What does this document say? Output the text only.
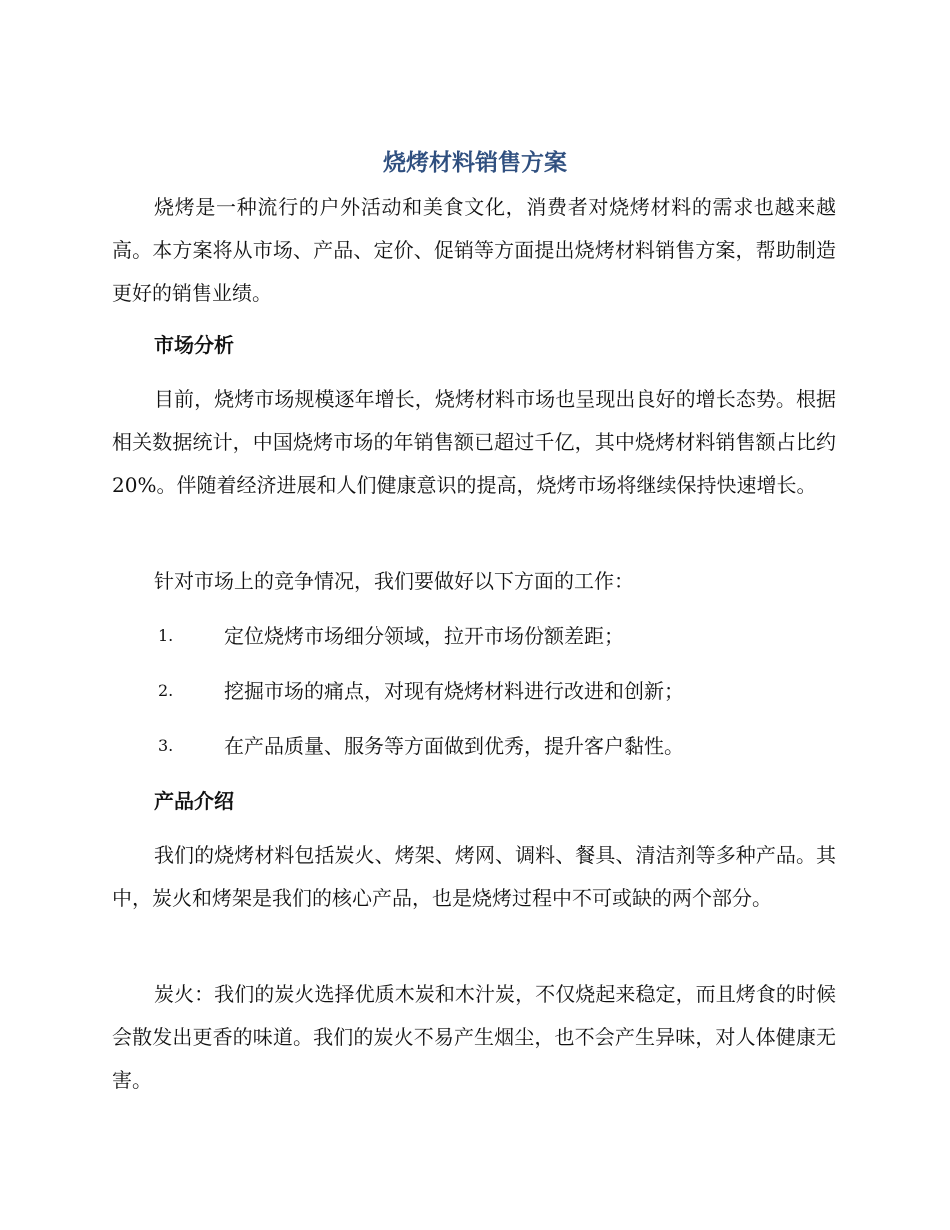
烧烤材料销售方案

烧烤是一种流行的户外活动和美食文化，消费者对烧烤材料的需求也越来越高。本方案将从市场、产品、定价、促销等方面提出烧烤材料销售方案，帮助制造更好的销售业绩。

市场分析

目前，烧烤市场规模逐年增长，烧烤材料市场也呈现出良好的增长态势。根据相关数据统计，中国烧烤市场的年销售额已超过千亿，其中烧烤材料销售额占比约 20%。伴随着经济进展和人们健康意识的提高，烧烤市场将继续保持快速增长。

针对市场上的竞争情况，我们要做好以下方面的工作：

1.	定位烧烤市场细分领域，拉开市场份额差距；
2.	挖掘市场的痛点，对现有烧烤材料进行改进和创新；
3.	在产品质量、服务等方面做到优秀，提升客户黏性。
产品介绍

我们的烧烤材料包括炭火、烤架、烤网、调料、餐具、清洁剂等多种产品。其中，炭火和烤架是我们的核心产品，也是烧烤过程中不可或缺的两个部分。

炭火：我们的炭火选择优质木炭和木汁炭，不仅烧起来稳定，而且烤食的时候会散发出更香的味道。我们的炭火不易产生烟尘，也不会产生异味，对人体健康无害。
